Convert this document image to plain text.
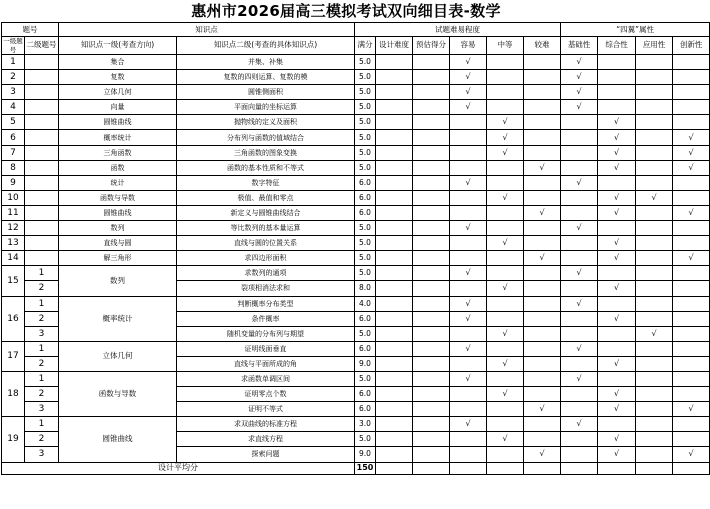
惠州市2026届高三模拟考试双向细目表-数学
题号		知识点		试题难易程度						“四翼”属性			
一级题号	二级题号	知识点一级(考查方向)	知识点二级(考查的具体知识点)	满分	设计难度	预估得分	容易	中等	较难	基础性	综合性	应用性	创新性
1		集合	并集、补集	5.0			√			√			
2		复数	复数的四则运算、复数的模	5.0			√			√			
3		立体几何	圆锥侧面积	5.0			√			√			
4		向量	平面向量的坐标运算	5.0			√			√			
5		圆锥曲线	抛物线的定义及面积	5.0				√			√		
6		概率统计	分布列与函数的值域结合	5.0				√			√		√
7		三角函数	三角函数的图象变换	5.0				√			√		√
8		函数	函数的基本性质和不等式	5.0					√		√		√
9		统计	数字特征	6.0			√			√			
10		函数与导数	极值、最值和零点	6.0				√			√	√	
11		圆锥曲线	新定义与圆锥曲线结合	6.0					√		√		√
12		数列	等比数列的基本量运算	5.0			√			√			
13		直线与圆	直线与圆的位置关系	5.0				√			√		
14		解三角形	求四边形面积	5.0					√		√		√
15	1	数列	求数列的通项	5.0			√			√			
	2		裂项相消法求和	8.0				√			√		
16	1	概率统计	判断概率分布类型	4.0			√			√			
	2		条件概率	6.0			√				√		
	3		随机变量的分布列与期望	5.0				√				√	
17	1	立体几何	证明线面垂直	6.0			√			√			
	2		直线与平面所成的角	9.0				√			√		
18	1	函数与导数	求函数单调区间	5.0			√			√			
	2		证明零点个数	6.0				√			√		
	3		证明不等式	6.0					√		√		√
19	1	圆锥曲线	求双曲线的标准方程	3.0			√			√			
	2		求直线方程	5.0				√			√		
	3		探索问题	9.0					√		√		√
设计平均分				150									
